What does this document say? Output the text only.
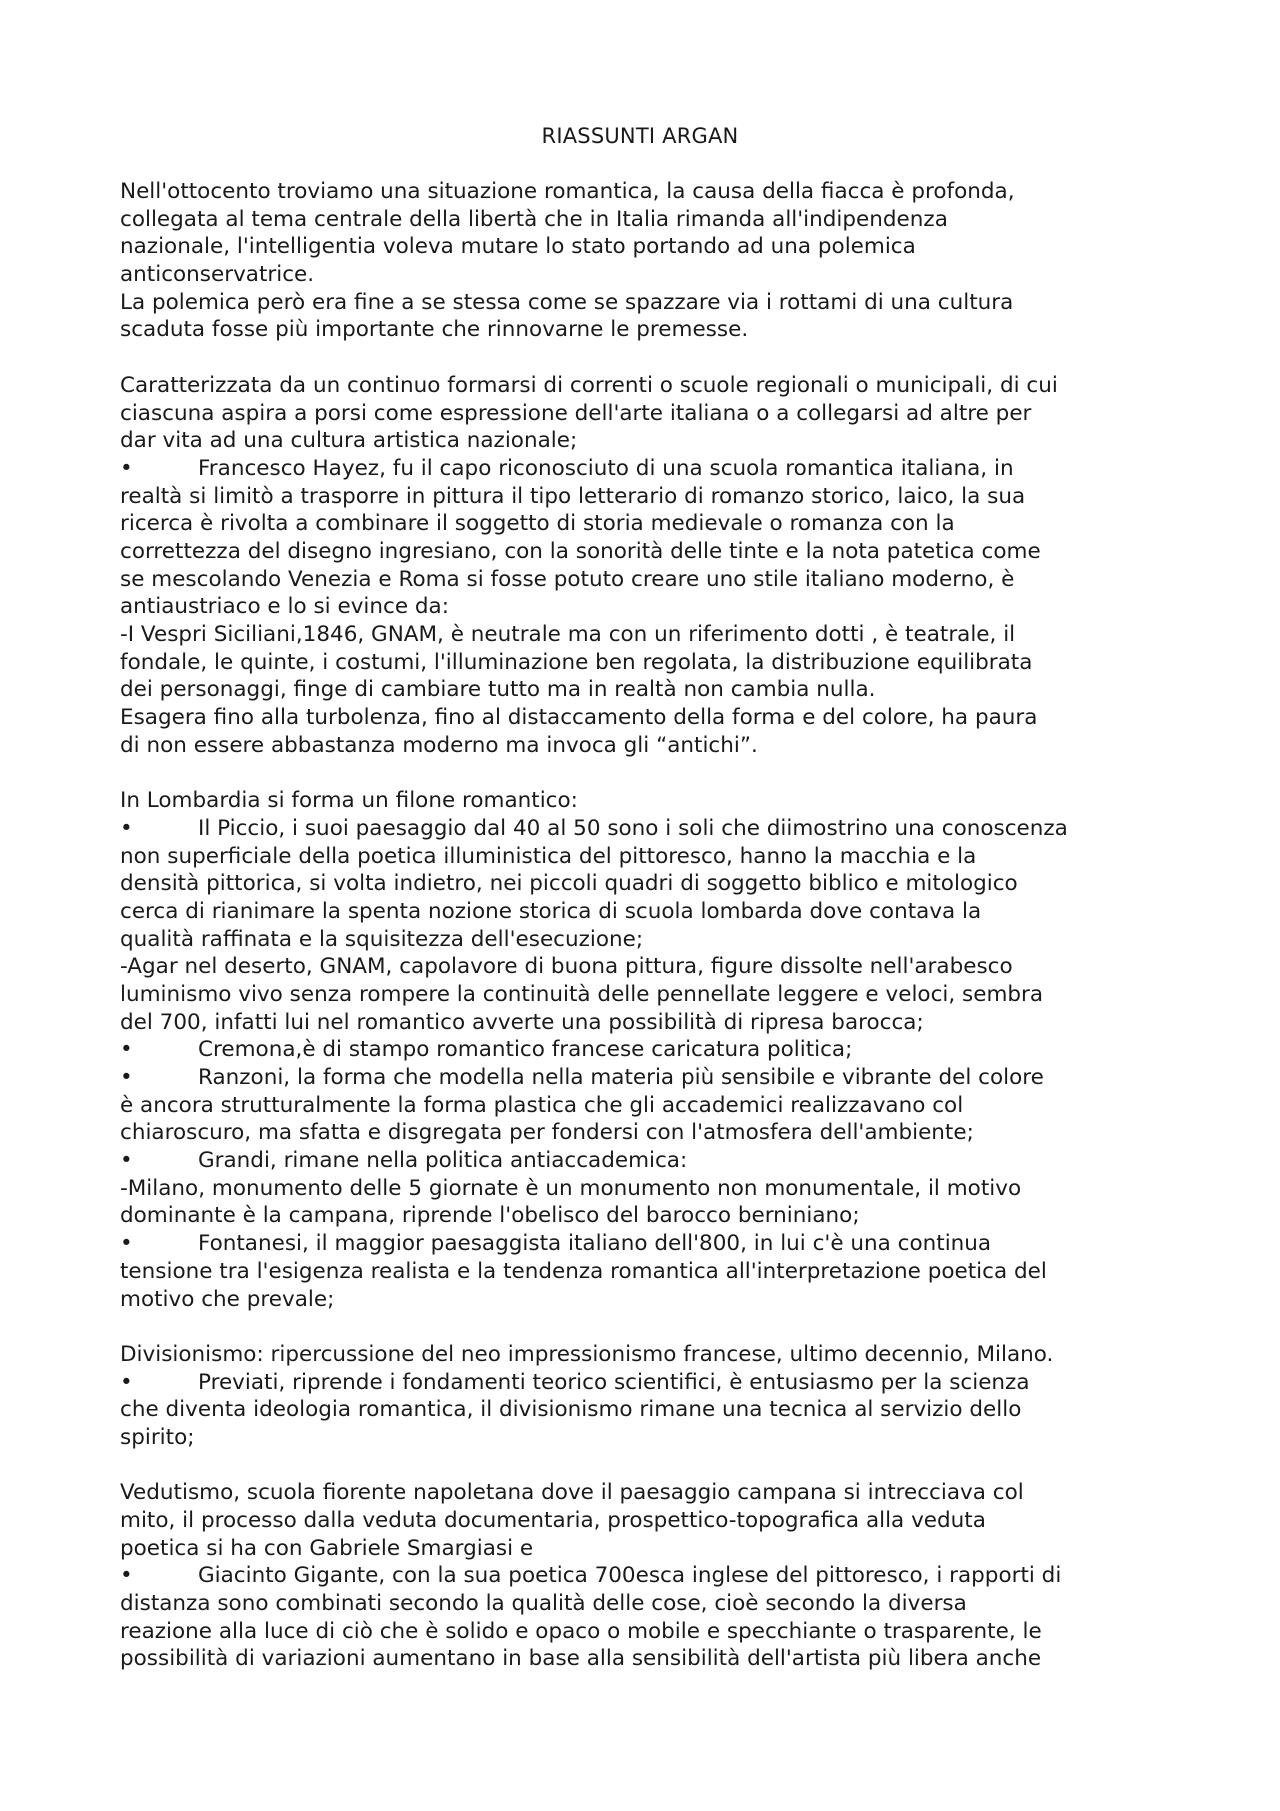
RIASSUNTI ARGAN
Nell'ottocento troviamo una situazione romantica, la causa della fiacca è profonda,
collegata al tema centrale della libertà che in Italia rimanda all'indipendenza
nazionale, l'intelligentia voleva mutare lo stato portando ad una polemica
anticonservatrice.
La polemica però era fine a se stessa come se spazzare via i rottami di una cultura
scaduta fosse più importante che rinnovarne le premesse.
Caratterizzata da un continuo formarsi di correnti o scuole regionali o municipali, di cui
ciascuna aspira a porsi come espressione dell'arte italiana o a collegarsi ad altre per
dar vita ad una cultura artistica nazionale;
•	Francesco Hayez, fu il capo riconosciuto di una scuola romantica italiana, in
realtà si limitò a trasporre in pittura il tipo letterario di romanzo storico, laico, la sua
ricerca è rivolta a combinare il soggetto di storia medievale o romanza con la
correttezza del disegno ingresiano, con la sonorità delle tinte e la nota patetica come
se mescolando Venezia e Roma si fosse potuto creare uno stile italiano moderno, è
antiaustriaco e lo si evince da:
-I Vespri Siciliani,1846, GNAM, è neutrale ma con un riferimento dotti , è teatrale, il
fondale, le quinte, i costumi, l'illuminazione ben regolata, la distribuzione equilibrata
dei personaggi, finge di cambiare tutto ma in realtà non cambia nulla.
Esagera fino alla turbolenza, fino al distaccamento della forma e del colore, ha paura
di non essere abbastanza moderno ma invoca gli “antichi”.
In Lombardia si forma un filone romantico:
•	Il Piccio, i suoi paesaggio dal 40 al 50 sono i soli che diimostrino una conoscenza
non superficiale della poetica illuministica del pittoresco, hanno la macchia e la
densità pittorica, si volta indietro, nei piccoli quadri di soggetto biblico e mitologico
cerca di rianimare la spenta nozione storica di scuola lombarda dove contava la
qualità raffinata e la squisitezza dell'esecuzione;
-Agar nel deserto, GNAM, capolavore di buona pittura, figure dissolte nell'arabesco
luminismo vivo senza rompere la continuità delle pennellate leggere e veloci, sembra
del 700, infatti lui nel romantico avverte una possibilità di ripresa barocca;
•	Cremona,è di stampo romantico francese caricatura politica;
•	Ranzoni, la forma che modella nella materia più sensibile e vibrante del colore
è ancora strutturalmente la forma plastica che gli accademici realizzavano col
chiaroscuro, ma sfatta e disgregata per fondersi con l'atmosfera dell'ambiente;
•	Grandi, rimane nella politica antiaccademica:
-Milano, monumento delle 5 giornate è un monumento non monumentale, il motivo
dominante è la campana, riprende l'obelisco del barocco berniniano;
•	Fontanesi, il maggior paesaggista italiano dell'800, in lui c'è una continua
tensione tra l'esigenza realista e la tendenza romantica all'interpretazione poetica del
motivo che prevale;
Divisionismo: ripercussione del neo impressionismo francese, ultimo decennio, Milano.
•	Previati, riprende i fondamenti teorico scientifici, è entusiasmo per la scienza
che diventa ideologia romantica, il divisionismo rimane una tecnica al servizio dello
spirito;
Vedutismo, scuola fiorente napoletana dove il paesaggio campana si intrecciava col
mito, il processo dalla veduta documentaria, prospettico-topografica alla veduta
poetica si ha con Gabriele Smargiasi e
•	Giacinto Gigante, con la sua poetica 700esca inglese del pittoresco, i rapporti di
distanza sono combinati secondo la qualità delle cose, cioè secondo la diversa
reazione alla luce di ciò che è solido e opaco o mobile e specchiante o trasparente, le
possibilità di variazioni aumentano in base alla sensibilità dell'artista più libera anche
